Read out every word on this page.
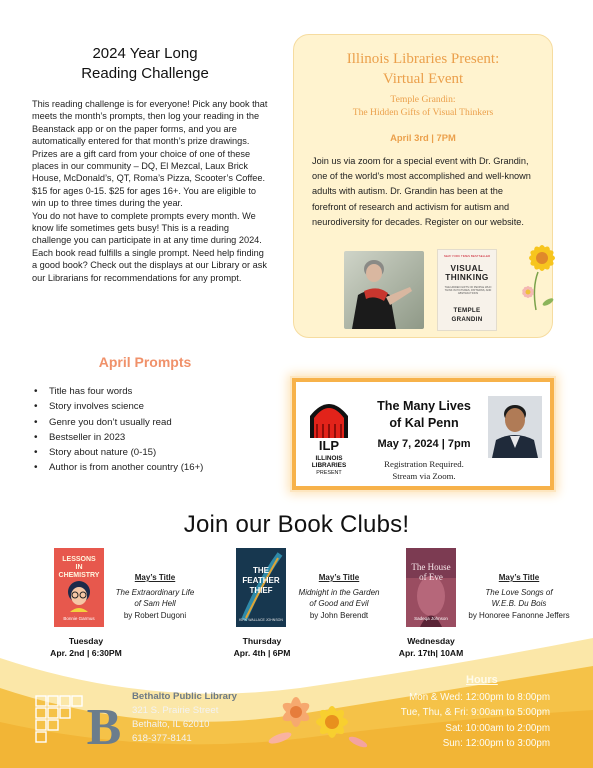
2024 Year Long
Reading Challenge

This reading challenge is for everyone! Pick any book that meets the month’s prompts, then log your reading in the Beanstack app or on the paper forms, and you are automatically entered for that month’s prize drawings. Prizes are a gift card from your choice of one of these places in our community – DQ, El Mezcal, Laux Brick House, McDonald’s, QT, Roma’s Pizza, Scooter’s Coffee. $15 for ages 0-15. $25 for ages 16+. You are eligible to win up to three times during the year.

You do not have to complete prompts every month. We know life sometimes gets busy! This is a reading challenge you can participate in at any time during 2024.

Each book read fulfills a single prompt. Need help finding a good book? Check out the displays at our Library or ask our Librarians for recommendations for any prompt.

April Prompts
• Title has four words
• Story involves science
• Genre you don’t usually read
• Bestseller in 2023
• Story about nature (0-15)
• Author is from another country (16+)
Illinois Libraries Present:
Virtual Event
Temple Grandin:
The Hidden Gifts of Visual Thinkers
April 3rd | 7PM
Join us via zoom for a special event with Dr. Grandin, one of the world’s most accomplished and well-known adults with autism. Dr. Grandin has been at the forefront of research and activism for autism and neurodiversity for decades. Register on our website.
NEW YORK TIMES BESTSELLER
VISUAL
THINKING
THE HIDDEN GIFTS OF PEOPLE WHO THINK IN PICTURES, PATTERNS, AND ABSTRACTIONS
TEMPLE
GRANDIN
ILP
ILLINOIS
LIBRARIES
PRESENT
The Many Lives
of Kal Penn
May 7, 2024 | 7pm
Registration Required.
Stream via Zoom.
Join our Book Clubs!
LESSONS IN CHEMISTRY
Bonnie Garmus
THE FEATHER THIEF
KIRK WALLACE JOHNSON
The House of Eve
Sadeqa Johnson
May’s Title
The Extraordinary Life
of Sam Hell
by Robert Dugoni
May’s Title
Midnight in the Garden
of Good and Evil
by John Berendt
May’s Title
The Love Songs of
W.E.B. Du Bois
by Honoree Fanonne Jeffers
Tuesday
Apr. 2nd | 6:30PM
Thursday
Apr. 4th | 6PM
Wednesday
Apr. 17th| 10AM
B
Bethalto Public Library
321 S. Prairie Street
Bethalto, IL 62010
618-377-8141
Hours
Mon & Wed: 12:00pm to 8:00pm
Tue, Thu, & Fri: 9:00am to 5:00pm
Sat: 10:00am to 2:00pm
Sun: 12:00pm to 3:00pm
